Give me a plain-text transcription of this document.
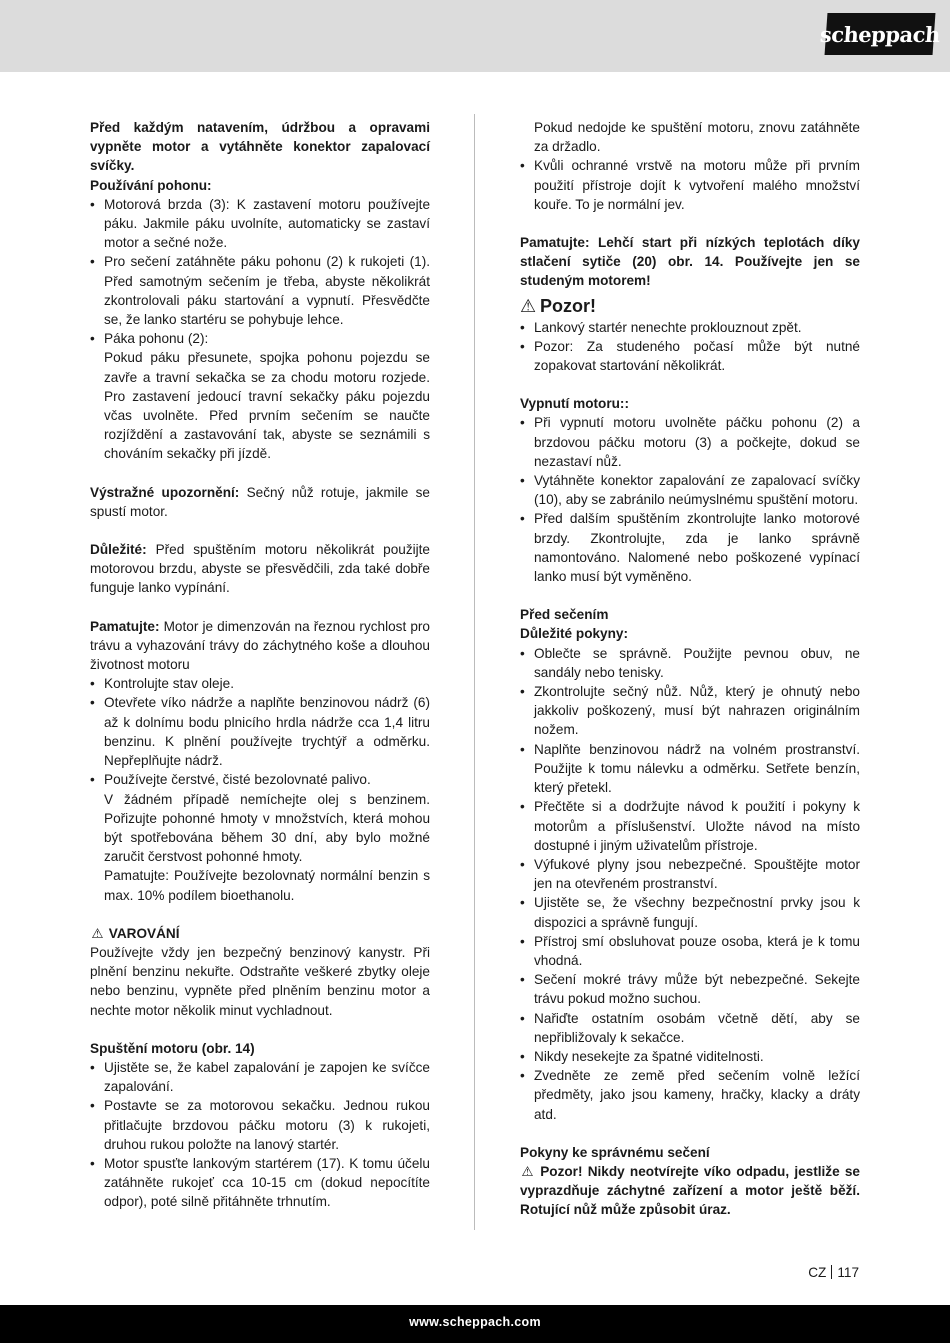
scheppach

Před každým natavením, údržbou a opravami vypněte motor a vytáhněte konektor zapalovací svíčky.

Používání pohonu:

• Motorová brzda (3): K zastavení motoru používejte páku. Jakmile páku uvolníte, automaticky se zastaví motor a sečné nože.
• Pro sečení zatáhněte páku pohonu (2) k rukojeti (1). Před samotným sečením je třeba, abyste několikrát zkontrolovali páku startování a vypnutí. Přesvědčte se, že lanko startéru se pohybuje lehce.
• Páka pohonu (2):

Pokud páku přesunete, spojka pohonu pojezdu se zavře a travní sekačka se za chodu motoru rozjede. Pro zastavení jedoucí travní sekačky páku pojezdu včas uvolněte. Před prvním sečením se naučte rozjíždění a zastavování tak, abyste se seznámili s chováním sekačky při jízdě.

Výstražné upozornění: Sečný nůž rotuje, jakmile se spustí motor.

Důležité: Před spuštěním motoru několikrát použijte motorovou brzdu, abyste se přesvědčili, zda také dobře funguje lanko vypínání.

Pamatujte: Motor je dimenzován na řeznou rychlost pro trávu a vyhazování trávy do záchytného koše a dlouhou životnost motoru

• Kontrolujte stav oleje.
• Otevřete víko nádrže a naplňte benzinovou nádrž (6) až k dolnímu bodu plnicího hrdla nádrže cca 1,4 litru benzinu. K plnění používejte trychtýř a odměrku. Nepřeplňujte nádrž.
• Používejte čerstvé, čisté bezolovnaté palivo.

V žádném případě nemíchejte olej s benzinem. Pořizujte pohonné hmoty v množstvích, která mohou být spotřebována během 30 dní, aby bylo možné zaručit čerstvost pohonné hmoty.

Pamatujte: Používejte bezolovnatý normální benzin s max. 10% podílem bioethanolu.

⚠ VAROVÁNÍ

Používejte vždy jen bezpečný benzinový kanystr. Při plnění benzinu nekuřte. Odstraňte veškeré zbytky oleje nebo benzinu, vypněte před plněním benzinu motor a nechte motor několik minut vychladnout.

Spuštění motoru (obr. 14)

• Ujistěte se, že kabel zapalování je zapojen ke svíčce zapalování.
• Postavte se za motorovou sekačku. Jednou rukou přitlačujte brzdovou páčku motoru (3) k rukojeti, druhou rukou položte na lanový startér.
• Motor spusťte lankovým startérem (17). K tomu účelu zatáhněte rukojeť cca 10-15 cm (dokud nepocítíte odpor), poté silně přitáhněte trhnutím.

Pokud nedojde ke spuštění motoru, znovu zatáhněte za držadlo.

• Kvůli ochranné vrstvě na motoru může při prvním použití přístroje dojít k vytvoření malého množství kouře. To je normální jev.

Pamatujte: Lehčí start při nízkých teplotách díky stlačení sytiče (20) obr. 14. Používejte jen se studeným motorem!

⚠ Pozor!

• Lankový startér nenechte proklouznout zpět.
• Pozor: Za studeného počasí může být nutné zopakovat startování několikrát.

Vypnutí motoru::

• Při vypnutí motoru uvolněte páčku pohonu (2) a brzdovou páčku motoru (3) a počkejte, dokud se nezastaví nůž.
• Vytáhněte konektor zapalování ze zapalovací svíčky (10), aby se zabránilo neúmyslnému spuštění motoru.
• Před dalším spuštěním zkontrolujte lanko motorové brzdy. Zkontrolujte, zda je lanko správně namontováno. Nalomené nebo poškozené vypínací lanko musí být vyměněno.

Před sečením

Důležité pokyny:

• Oblečte se správně. Použijte pevnou obuv, ne sandály nebo tenisky.
• Zkontrolujte sečný nůž. Nůž, který je ohnutý nebo jakkoliv poškozený, musí být nahrazen originálním nožem.
• Naplňte benzinovou nádrž na volném prostranství. Použijte k tomu nálevku a odměrku. Setřete benzín, který přetekl.
• Přečtěte si a dodržujte návod k použití i pokyny k motorům a příslušenství. Uložte návod na místo dostupné i jiným uživatelům přístroje.
• Výfukové plyny jsou nebezpečné. Spouštějte motor jen na otevřeném prostranství.
• Ujistěte se, že všechny bezpečnostní prvky jsou k dispozici a správně fungují.
• Přístroj smí obsluhovat pouze osoba, která je k tomu vhodná.
• Sečení mokré trávy může být nebezpečné. Sekejte trávu pokud možno suchou.
• Nařiďte ostatním osobám včetně dětí, aby se nepřibližovaly k sekačce.
• Nikdy nesekejte za špatné viditelnosti.
• Zvedněte ze země před sečením volně ležící předměty, jako jsou kameny, hračky, klacky a dráty atd.

Pokyny ke správnému sečení

⚠ Pozor! Nikdy neotvírejte víko odpadu, jestliže se vyprazdňuje záchytné zařízení a motor ještě běží. Rotující nůž může způsobit úraz.

CZ 117
www.scheppach.com
